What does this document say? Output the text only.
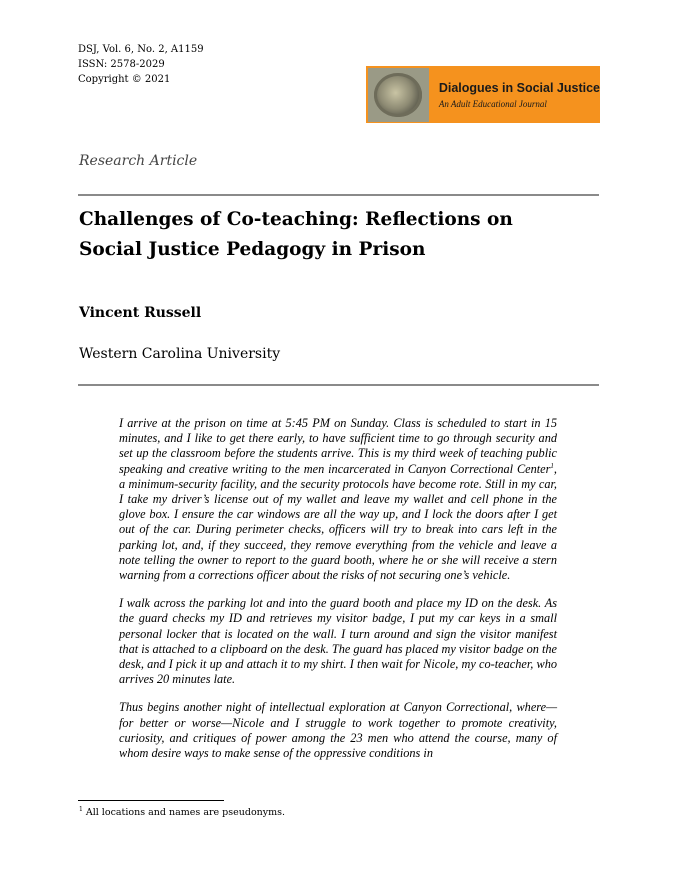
DSJ, Vol. 6, No. 2, A1159
ISSN: 2578-2029
Copyright © 2021
Dialogues in Social Justice
An Adult Educational Journal
Research Article
Challenges of Co-teaching: Reflections on Social Justice Pedagogy in Prison
Vincent Russell
Western Carolina University

I arrive at the prison on time at 5:45 PM on Sunday. Class is scheduled to start in 15 minutes, and I like to get there early, to have sufficient time to go through security and set up the classroom before the students arrive. This is my third week of teaching public speaking and creative writing to the men incarcerated in Canyon Correctional Center$^1$, a minimum-security facility, and the security protocols have become rote. Still in my car, I take my driver’s license out of my wallet and leave my wallet and cell phone in the glove box. I ensure the car windows are all the way up, and I lock the doors after I get out of the car. During perimeter checks, officers will try to break into cars left in the parking lot, and, if they succeed, they remove everything from the vehicle and leave a note telling the owner to report to the guard booth, where he or she will receive a stern warning from a corrections officer about the risks of not securing one’s vehicle.

I walk across the parking lot and into the guard booth and place my ID on the desk. As the guard checks my ID and retrieves my visitor badge, I put my car keys in a small personal locker that is located on the wall. I turn around and sign the visitor manifest that is attached to a clipboard on the desk. The guard has placed my visitor badge on the desk, and I pick it up and attach it to my shirt. I then wait for Nicole, my co-teacher, who arrives 20 minutes late.

Thus begins another night of intellectual exploration at Canyon Correctional, where—for better or worse—Nicole and I struggle to work together to promote creativity, curiosity, and critiques of power among the 23 men who attend the course, many of whom desire ways to make sense of the oppressive conditions in

$^1$ All locations and names are pseudonyms.
